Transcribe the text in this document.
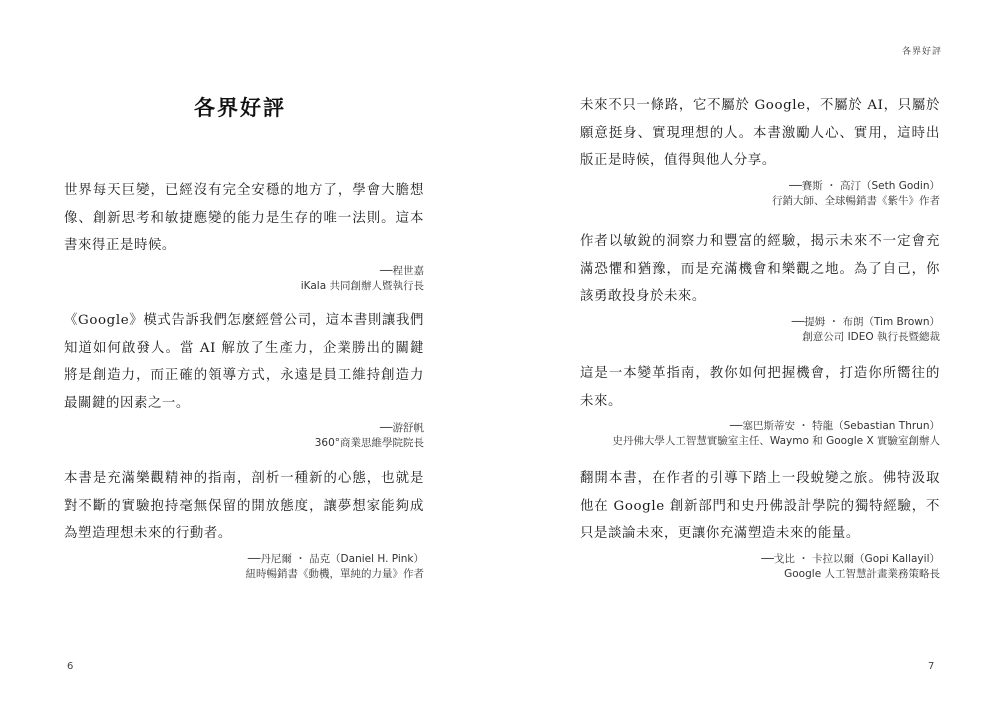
各界好評

世界每天巨變，已經沒有完全安穩的地方了，學會大膽想像、創新思考和敏捷應變的能力是生存的唯一法則。這本書來得正是時候。

──程世嘉
iKala 共同創辦人暨執行長

《Google》模式告訴我們怎麼經營公司，這本書則讓我們知道如何啟發人。當 AI 解放了生產力，企業勝出的關鍵將是創造力，而正確的領導方式，永遠是員工維持創造力最關鍵的因素之一。

──游舒帆
360°商業思維學院院長

本書是充滿樂觀精神的指南，剖析一種新的心態，也就是對不斷的實驗抱持毫無保留的開放態度，讓夢想家能夠成為塑造理想未來的行動者。

──丹尼爾 ・ 品克（Daniel H. Pink）
紐時暢銷書《動機，單純的力量》作者
6
各界好評

未來不只一條路，它不屬於 Google，不屬於 AI，只屬於願意挺身、實現理想的人。本書激勵人心、實用，這時出版正是時候，值得與他人分享。

──賽斯 ・ 高汀（Seth Godin）
行銷大師、全球暢銷書《紫牛》作者

作者以敏銳的洞察力和豐富的經驗，揭示未來不一定會充滿恐懼和猶豫，而是充滿機會和樂觀之地。為了自己，你該勇敢投身於未來。

──提姆 ・ 布朗（Tim Brown）
創意公司 IDEO 執行長暨總裁

這是一本變革指南，教你如何把握機會，打造你所嚮往的未來。

──塞巴斯蒂安 ・ 特龍（Sebastian Thrun）
史丹佛大學人工智慧實驗室主任、Waymo 和 Google X 實驗室創辦人

翻開本書，在作者的引導下踏上一段蛻變之旅。佛特汲取他在 Google 創新部門和史丹佛設計學院的獨特經驗，不只是談論未來，更讓你充滿塑造未來的能量。

──戈比 ・ 卡拉以爾（Gopi Kallayil）
Google 人工智慧計畫業務策略長
7
